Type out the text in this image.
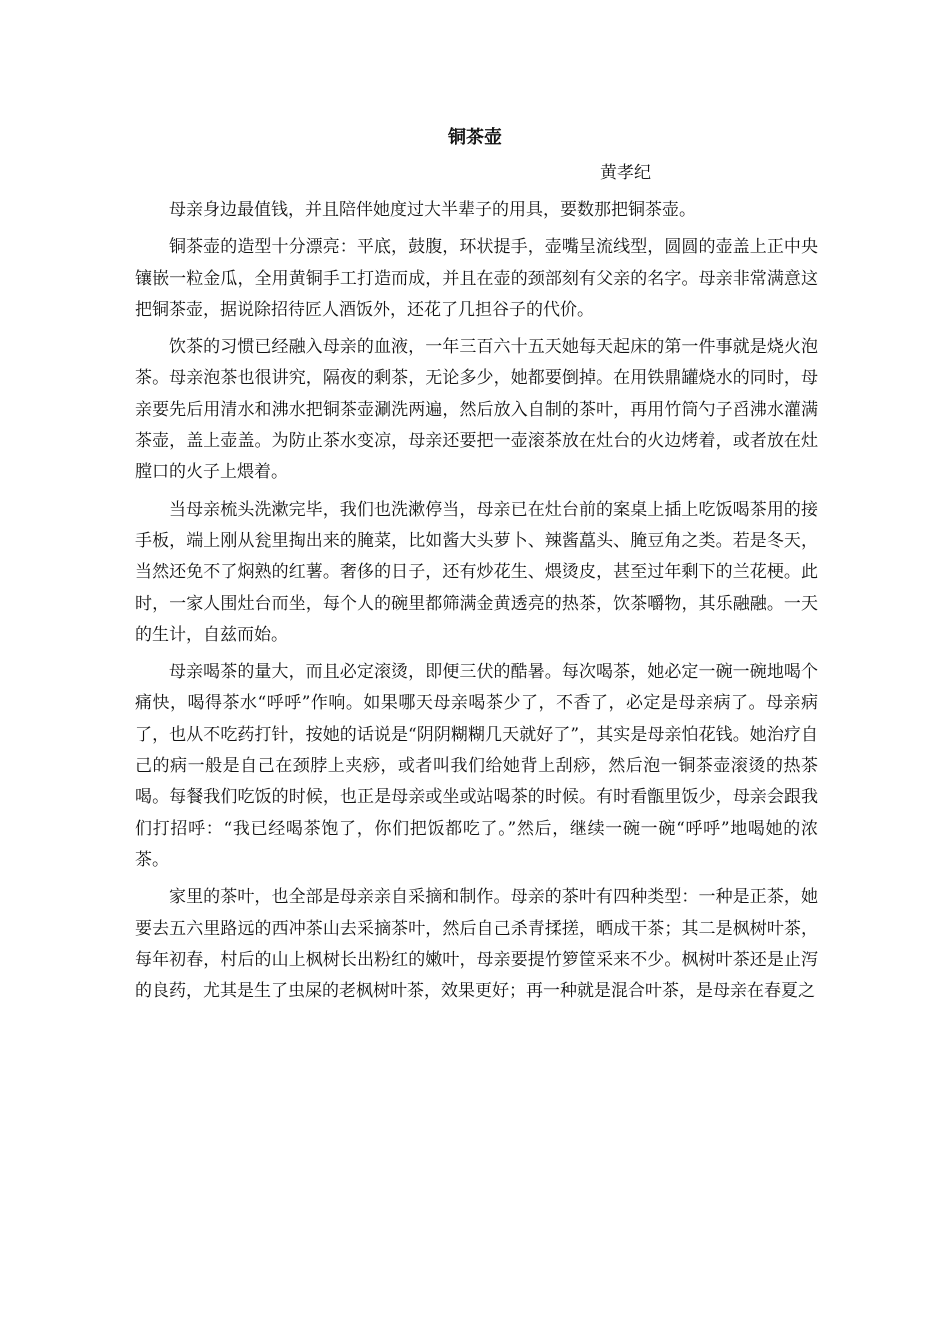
铜茶壶

黄孝纪

母亲身边最值钱，并且陪伴她度过大半辈子的用具，要数那把铜茶壶。

铜茶壶的造型十分漂亮：平底，鼓腹，环状提手，壶嘴呈流线型，圆圆的壶盖上正中央镶嵌一粒金瓜，全用黄铜手工打造而成，并且在壶的颈部刻有父亲的名字。母亲非常满意这把铜茶壶，据说除招待匠人酒饭外，还花了几担谷子的代价。

饮茶的习惯已经融入母亲的血液，一年三百六十五天她每天起床的第一件事就是烧火泡茶。母亲泡茶也很讲究，隔夜的剩茶，无论多少，她都要倒掉。在用铁鼎罐烧水的同时，母亲要先后用清水和沸水把铜茶壶涮洗两遍，然后放入自制的茶叶，再用竹筒勺子舀沸水灌满茶壶，盖上壶盖。为防止茶水变凉，母亲还要把一壶滚茶放在灶台的火边烤着，或者放在灶膛口的火子上煨着。

当母亲梳头洗漱完毕，我们也洗漱停当，母亲已在灶台前的案桌上插上吃饭喝茶用的接手板，端上刚从瓮里掏出来的腌菜，比如酱大头萝卜、辣酱藠头、腌豆角之类。若是冬天，当然还免不了焖熟的红薯。奢侈的日子，还有炒花生、煨烫皮，甚至过年剩下的兰花梗。此时，一家人围灶台而坐，每个人的碗里都筛满金黄透亮的热茶，饮茶嚼物，其乐融融。一天的生计，自兹而始。

母亲喝茶的量大，而且必定滚烫，即便三伏的酷暑。每次喝茶，她必定一碗一碗地喝个痛快，喝得茶水“呼呼”作响。如果哪天母亲喝茶少了，不香了，必定是母亲病了。母亲病了，也从不吃药打针，按她的话说是“阴阴糊糊几天就好了”，其实是母亲怕花钱。她治疗自己的病一般是自己在颈脖上夹痧，或者叫我们给她背上刮痧，然后泡一铜茶壶滚烫的热茶喝。每餐我们吃饭的时候，也正是母亲或坐或站喝茶的时候。有时看甑里饭少，母亲会跟我们打招呼：“我已经喝茶饱了，你们把饭都吃了。”然后，继续一碗一碗“呼呼”地喝她的浓茶。

家里的茶叶，也全部是母亲亲自采摘和制作。母亲的茶叶有四种类型：一种是正茶，她要去五六里路远的西冲茶山去采摘茶叶，然后自己杀青揉搓，晒成干茶；其二是枫树叶茶，每年初春，村后的山上枫树长出粉红的嫩叶，母亲要提竹箩筐采来不少。枫树叶茶还是止泻的良药，尤其是生了虫屎的老枫树叶茶，效果更好；再一种就是混合叶茶，是母亲在春夏之
